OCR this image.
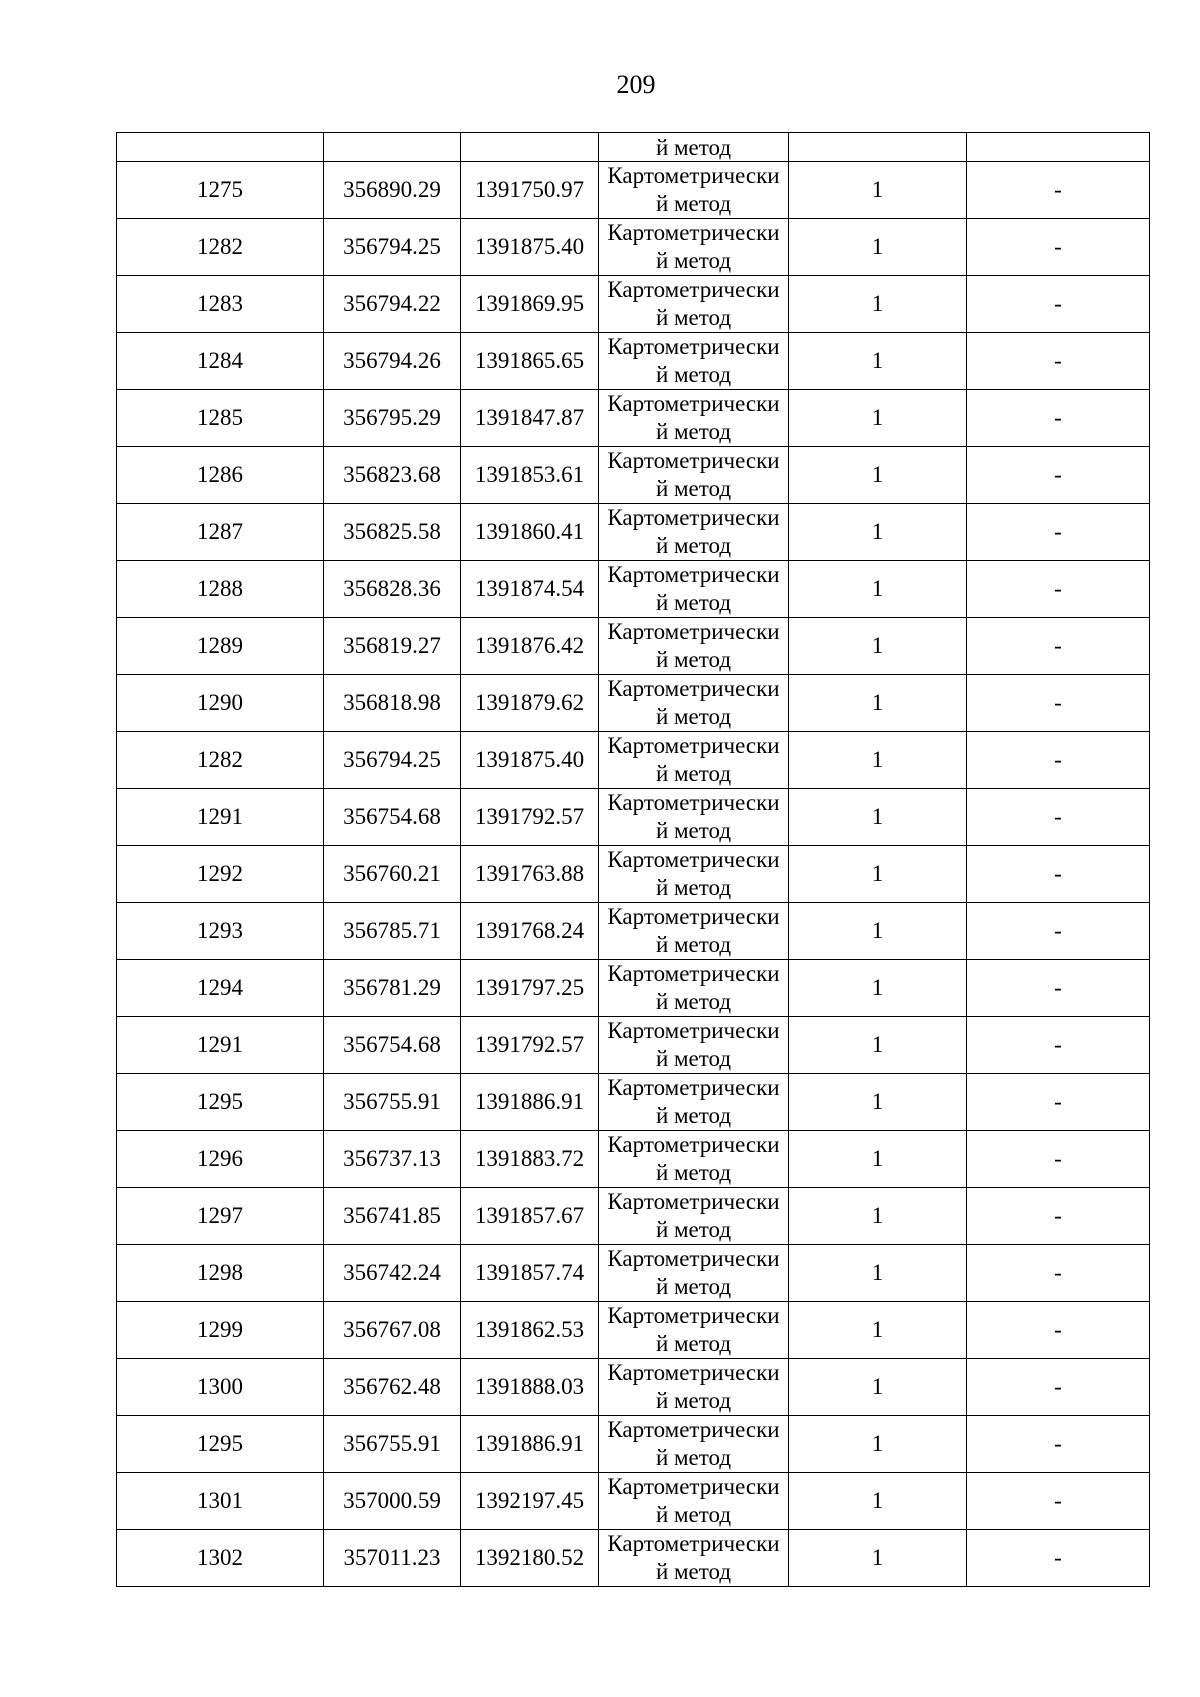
209
			й метод		
1275	356890.29	1391750.97	Картометрически
й метод	1	-
1282	356794.25	1391875.40	Картометрически
й метод	1	-
1283	356794.22	1391869.95	Картометрически
й метод	1	-
1284	356794.26	1391865.65	Картометрически
й метод	1	-
1285	356795.29	1391847.87	Картометрически
й метод	1	-
1286	356823.68	1391853.61	Картометрически
й метод	1	-
1287	356825.58	1391860.41	Картометрически
й метод	1	-
1288	356828.36	1391874.54	Картометрически
й метод	1	-
1289	356819.27	1391876.42	Картометрически
й метод	1	-
1290	356818.98	1391879.62	Картометрически
й метод	1	-
1282	356794.25	1391875.40	Картометрически
й метод	1	-
1291	356754.68	1391792.57	Картометрически
й метод	1	-
1292	356760.21	1391763.88	Картометрически
й метод	1	-
1293	356785.71	1391768.24	Картометрически
й метод	1	-
1294	356781.29	1391797.25	Картометрически
й метод	1	-
1291	356754.68	1391792.57	Картометрически
й метод	1	-
1295	356755.91	1391886.91	Картометрически
й метод	1	-
1296	356737.13	1391883.72	Картометрически
й метод	1	-
1297	356741.85	1391857.67	Картометрически
й метод	1	-
1298	356742.24	1391857.74	Картометрически
й метод	1	-
1299	356767.08	1391862.53	Картометрически
й метод	1	-
1300	356762.48	1391888.03	Картометрически
й метод	1	-
1295	356755.91	1391886.91	Картометрически
й метод	1	-
1301	357000.59	1392197.45	Картометрически
й метод	1	-
1302	357011.23	1392180.52	Картометрически
й метод	1	-
